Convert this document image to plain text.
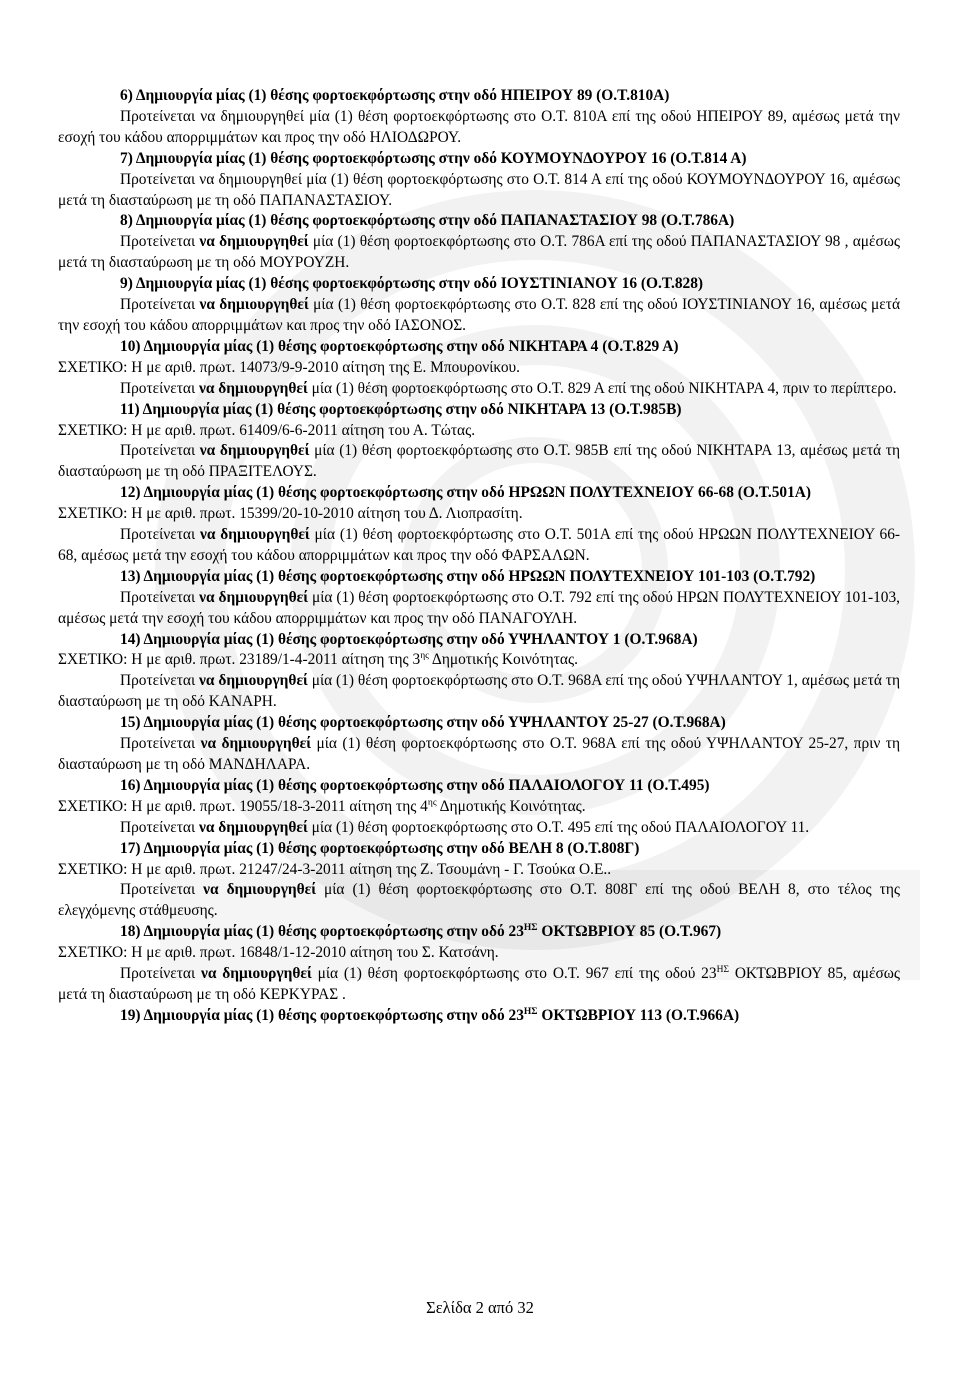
6) Δημιουργία μίας (1) θέσης φορτοεκφόρτωσης στην οδό ΗΠΕΙΡΟΥ 89 (Ο.Τ.810Α)

Προτείνεται να δημιουργηθεί μία (1) θέση φορτοεκφόρτωσης στο Ο.Τ. 810Α επί της οδού ΗΠΕΙΡΟΥ 89, αμέσως μετά την εσοχή του κάδου απορριμμάτων και προς την οδό ΗΛΙΟΔΩΡΟΥ.

7) Δημιουργία μίας (1) θέσης φορτοεκφόρτωσης στην οδό ΚΟΥΜΟΥΝΔΟΥΡΟΥ 16 (Ο.Τ.814 Α)

Προτείνεται να δημιουργηθεί μία (1) θέση φορτοεκφόρτωσης στο Ο.Τ. 814 Α επί της οδού ΚΟΥΜΟΥΝΔΟΥΡΟΥ 16, αμέσως μετά τη διασταύρωση με τη οδό ΠΑΠΑΝΑΣΤΑΣΙΟΥ.

8) Δημιουργία μίας (1) θέσης φορτοεκφόρτωσης στην οδό ΠΑΠΑΝΑΣΤΑΣΙΟΥ 98 (Ο.Τ.786Α)

Προτείνεται να δημιουργηθεί μία (1) θέση φορτοεκφόρτωσης στο Ο.Τ. 786Α επί της οδού ΠΑΠΑΝΑΣΤΑΣΙΟΥ 98 , αμέσως μετά τη διασταύρωση με τη οδό ΜΟΥΡΟΥΖΗ.

9) Δημιουργία μίας (1) θέσης φορτοεκφόρτωσης στην οδό ΙΟΥΣΤΙΝΙΑΝΟΥ 16 (Ο.Τ.828)

Προτείνεται να δημιουργηθεί μία (1) θέση φορτοεκφόρτωσης στο Ο.Τ. 828 επί της οδού ΙΟΥΣΤΙΝΙΑΝΟΥ 16, αμέσως μετά την εσοχή του κάδου απορριμμάτων και προς την οδό ΙΑΣΟΝΟΣ.

10) Δημιουργία μίας (1) θέσης φορτοεκφόρτωσης στην οδό ΝΙΚΗΤΑΡΑ 4 (Ο.Τ.829 Α)

ΣΧΕΤΙΚΟ: Η με αριθ. πρωτ. 14073/9-9-2010 αίτηση της Ε. Μπουρονίκου.

Προτείνεται να δημιουργηθεί μία (1) θέση φορτοεκφόρτωσης στο Ο.Τ. 829 Α επί της οδού ΝΙΚΗΤΑΡΑ 4, πριν το περίπτερο.

11) Δημιουργία μίας (1) θέσης φορτοεκφόρτωσης στην οδό ΝΙΚΗΤΑΡΑ 13 (Ο.Τ.985Β)

ΣΧΕΤΙΚΟ: Η με αριθ. πρωτ. 61409/6-6-2011 αίτηση του Α. Τώτας.

Προτείνεται να δημιουργηθεί μία (1) θέση φορτοεκφόρτωσης στο Ο.Τ. 985Β επί της οδού ΝΙΚΗΤΑΡΑ 13, αμέσως μετά τη διασταύρωση με τη οδό ΠΡΑΞΙΤΕΛΟΥΣ.

12) Δημιουργία μίας (1) θέσης φορτοεκφόρτωσης στην οδό ΗΡΩΩΝ ΠΟΛΥΤΕΧΝΕΙΟΥ 66-68 (Ο.Τ.501Α)

ΣΧΕΤΙΚΟ: Η με αριθ. πρωτ. 15399/20-10-2010 αίτηση του Δ. Λιοπρασίτη.

Προτείνεται να δημιουργηθεί μία (1) θέση φορτοεκφόρτωσης στο Ο.Τ. 501Α επί της οδού ΗΡΩΩΝ ΠΟΛΥΤΕΧΝΕΙΟΥ 66-68, αμέσως μετά την εσοχή του κάδου απορριμμάτων και προς την οδό ΦΑΡΣΑΛΩΝ.

13) Δημιουργία μίας (1) θέσης φορτοεκφόρτωσης στην οδό ΗΡΩΩΝ ΠΟΛΥΤΕΧΝΕΙΟΥ 101-103 (Ο.Τ.792)

Προτείνεται να δημιουργηθεί μία (1) θέση φορτοεκφόρτωσης στο Ο.Τ. 792 επί της οδού ΗΡΩΝ ΠΟΛΥΤΕΧΝΕΙΟΥ 101-103, αμέσως μετά την εσοχή του κάδου απορριμμάτων και προς την οδό ΠΑΝΑΓΟΥΛΗ.

14) Δημιουργία μίας (1) θέσης φορτοεκφόρτωσης στην οδό ΥΨΗΛΑΝΤΟΥ 1 (Ο.Τ.968Α)

ΣΧΕΤΙΚΟ: Η με αριθ. πρωτ. 23189/1-4-2011 αίτηση της $3^{\eta\varsigma}$ Δημοτικής Κοινότητας.

Προτείνεται να δημιουργηθεί μία (1) θέση φορτοεκφόρτωσης στο Ο.Τ. 968Α επί της οδού ΥΨΗΛΑΝΤΟΥ 1, αμέσως μετά τη διασταύρωση με τη οδό ΚΑΝΑΡΗ.

15) Δημιουργία μίας (1) θέσης φορτοεκφόρτωσης στην οδό ΥΨΗΛΑΝΤΟΥ 25-27 (Ο.Τ.968Α)

Προτείνεται να δημιουργηθεί μία (1) θέση φορτοεκφόρτωσης στο Ο.Τ. 968Α επί της οδού ΥΨΗΛΑΝΤΟΥ 25-27, πριν τη διασταύρωση με τη οδό ΜΑΝΔΗΛΑΡΑ.

16) Δημιουργία μίας (1) θέσης φορτοεκφόρτωσης στην οδό ΠΑΛΑΙΟΛΟΓΟΥ 11 (Ο.Τ.495)

ΣΧΕΤΙΚΟ: Η με αριθ. πρωτ. 19055/18-3-2011 αίτηση της $4^{\eta\varsigma}$ Δημοτικής Κοινότητας.

Προτείνεται να δημιουργηθεί μία (1) θέση φορτοεκφόρτωσης στο Ο.Τ. 495 επί της οδού ΠΑΛΑΙΟΛΟΓΟΥ 11.

17) Δημιουργία μίας (1) θέσης φορτοεκφόρτωσης στην οδό ΒΕΛΗ 8 (Ο.Τ.808Γ)

ΣΧΕΤΙΚΟ: Η με αριθ. πρωτ. 21247/24-3-2011 αίτηση της Ζ. Τσουμάνη - Γ. Τσούκα Ο.Ε..

Προτείνεται να δημιουργηθεί μία (1) θέση φορτοεκφόρτωσης στο Ο.Τ. 808Γ επί της οδού ΒΕΛΗ 8, στο τέλος της ελεγχόμενης στάθμευσης.

18) Δημιουργία μίας (1) θέσης φορτοεκφόρτωσης στην οδό $23^{H\Sigma}$ ΟΚΤΩΒΡΙΟΥ 85 (Ο.Τ.967)

ΣΧΕΤΙΚΟ: Η με αριθ. πρωτ. 16848/1-12-2010 αίτηση του Σ. Κατσάνη.

Προτείνεται να δημιουργηθεί μία (1) θέση φορτοεκφόρτωσης στο Ο.Τ. 967 επί της οδού $23^{H\Sigma}$ ΟΚΤΩΒΡΙΟΥ 85, αμέσως μετά τη διασταύρωση με τη οδό ΚΕΡΚΥΡΑΣ .

19) Δημιουργία μίας (1) θέσης φορτοεκφόρτωσης στην οδό $23^{H\Sigma}$ ΟΚΤΩΒΡΙΟΥ 113 (Ο.Τ.966Α)

Σελίδα 2 από 32
